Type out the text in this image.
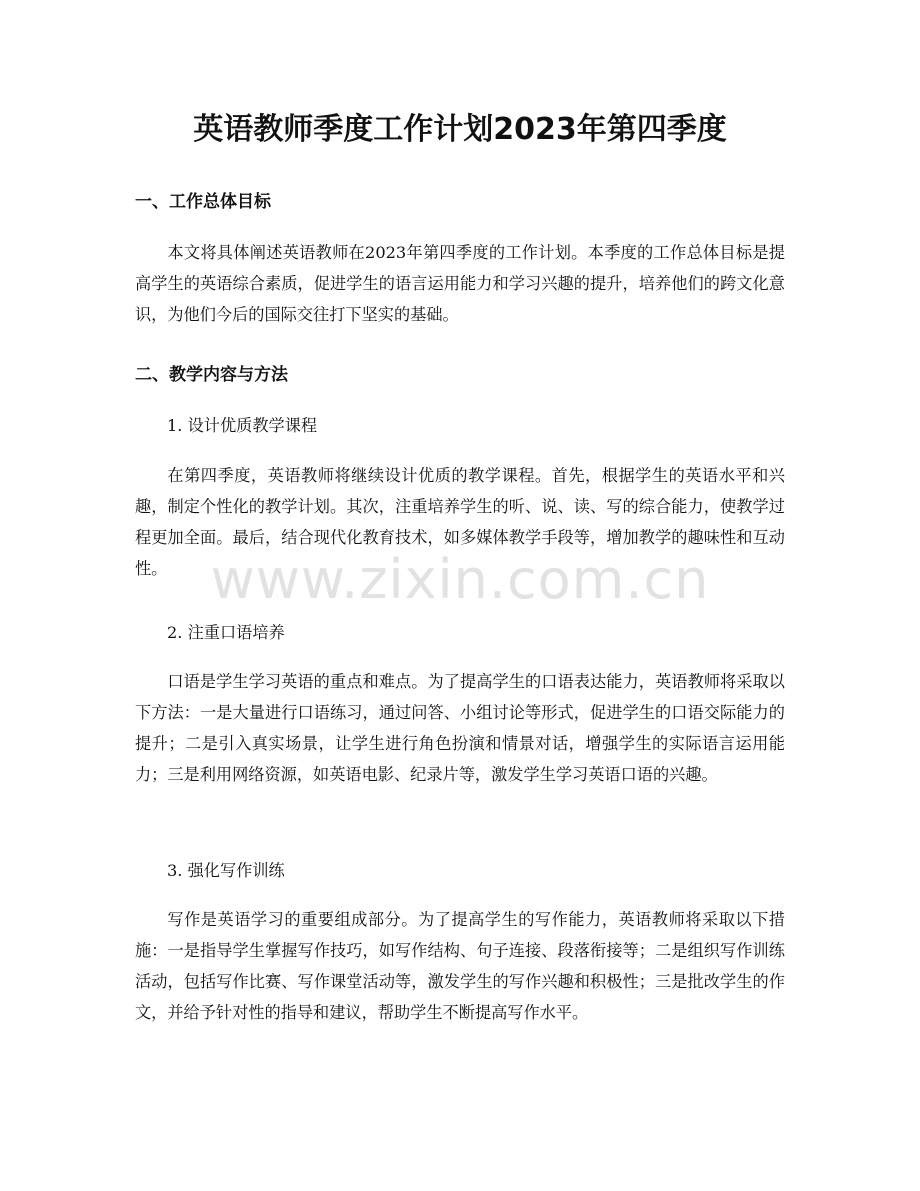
英语教师季度工作计划2023年第四季度
一、工作总体目标

本文将具体阐述英语教师在2023年第四季度的工作计划。本季度的工作总体目标是提高学生的英语综合素质，促进学生的语言运用能力和学习兴趣的提升，培养他们的跨文化意识，为他们今后的国际交往打下坚实的基础。

二、教学内容与方法

1. 设计优质教学课程

在第四季度，英语教师将继续设计优质的教学课程。首先，根据学生的英语水平和兴趣，制定个性化的教学计划。其次，注重培养学生的听、说、读、写的综合能力，使教学过程更加全面。最后，结合现代化教育技术，如多媒体教学手段等，增加教学的趣味性和互动性。

2. 注重口语培养

口语是学生学习英语的重点和难点。为了提高学生的口语表达能力，英语教师将采取以下方法：一是大量进行口语练习，通过问答、小组讨论等形式，促进学生的口语交际能力的提升；二是引入真实场景，让学生进行角色扮演和情景对话，增强学生的实际语言运用能力；三是利用网络资源，如英语电影、纪录片等，激发学生学习英语口语的兴趣。

3. 强化写作训练

写作是英语学习的重要组成部分。为了提高学生的写作能力，英语教师将采取以下措施：一是指导学生掌握写作技巧，如写作结构、句子连接、段落衔接等；二是组织写作训练活动，包括写作比赛、写作课堂活动等，激发学生的写作兴趣和积极性；三是批改学生的作文，并给予针对性的指导和建议，帮助学生不断提高写作水平。

www.zixin.com.cn
